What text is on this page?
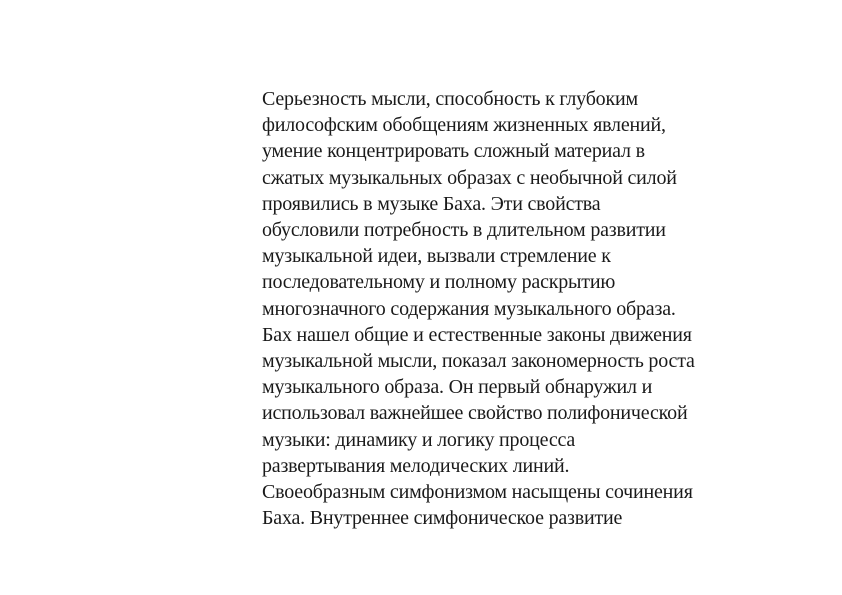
Серьезность мысли, способность к глубоким
философским обобщениям жизненных явлений,
умение концентрировать сложный материал в
сжатых музыкальных образах с необычной силой
проявились в музыке Баха. Эти свойства
обусловили потребность в длительном развитии
музыкальной идеи, вызвали стремление к
последовательному и полному раскрытию
многозначного содержания музыкального образа.
Бах нашел общие и естественные законы движения
музыкальной мысли, показал закономерность роста
музыкального образа. Он первый обнаружил и
использовал важнейшее свойство полифонической
музыки: динамику и логику процесса
развертывания мелодических линий.
Своеобразным симфонизмом насыщены сочинения
Баха. Внутреннее симфоническое развитие
